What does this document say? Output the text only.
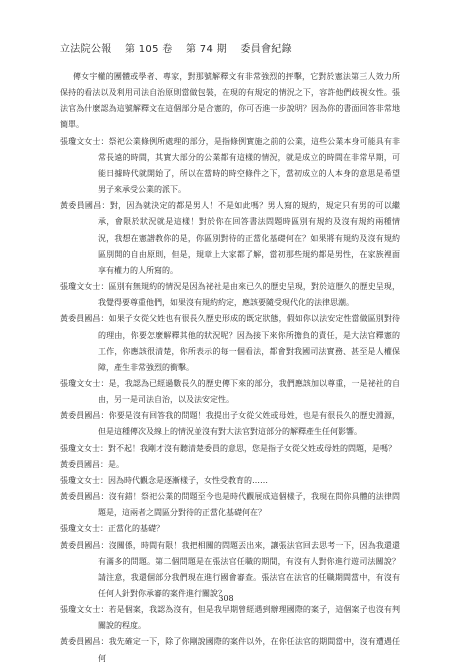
立法院公報 第 105 卷 第 74 期 委員會紀錄

傳女宇權的團體或學者、專家，對那號解釋文有非常強烈的抨擊，它對於憲法第三人效力所保持的看法以及利用司法自治原則當做包裝，在現的有規定的情況之下，容許他們歧視女性。張法官為什麼認為這號解釋文在這個部分是合憲的，你可否進一步說明？因為你的書面回答非常地簡單。

張瓊文女士：祭祀公業條例所處理的部分，是指條例實施之前的公業，這些公業本身可能具有非常長遠的時間，其實大部分的公業都有這樣的情況，就是成立的時間在非常早期，可能日據時代就開始了，所以在當時的時空條件之下，當初成立的人本身的意思是希望男子來承受公業的派下。

黃委員國昌：對，因為就決定的都是男人！不是如此嗎？男人寫的規約，規定只有男的可以繼承，會限於狀況就是這樣！對於你在回答書法問題時區別有規約及沒有規約兩種情況，我想在憲譜教你的是，你區別對待的正當化基礎何在？如果將有規約及沒有規約區別開的自由原則，但是，規章上大家都了解，當初那些規約都是男性，在家族裡面享有權力的人所寫的。

張瓊文女士：區別有無規約的情況是因為祕社是由來已久的歷史呈現，對於這歷久的歷史呈現，我覺得要尊重他們，如果沒有規約約定，應該要隨受現代化的法律思潮。

黃委員國昌：如果子女從父姓也有很長久歷史形成的既定狀態，假如你以法安定性當做區別對待的理由，你要怎麼解釋其他的狀況呢？因為接下來你所擔負的責任，是大法官釋憲的工作，你應該很清楚，你所表示的每一個看法，都會對我國司法實務、甚至是人權保障，產生非常強烈的衝擊。

張瓊文女士：是，我認為已經過數長久的歷史傳下來的部分，我們應該加以尊重，一是祕社的自由，另一是司法自治，以及法安定性。

黃委員國昌：你要是沒有回答我的問題！我提出子女從父姓或母姓，也是有很長久的歷史淵源，但是這種傳次及線上的情況並沒有對大法官對這部分的解釋產生任何影響。

張瓊文女士：對不起！我剛才沒有聽清楚委員的意思，您是指子女從父姓或母姓的問題，是嗎？

黃委員國昌：是。

張瓊文女士：因為時代觀念是逐漸樣子，女性受教育的……

黃委員國昌：沒有錯！祭祀公業的問題至今也是時代觀展成這個樣子，我現在問你具體的法律問題是，這兩者之間區分對待的正當化基礎何在？

張瓊文女士：正當化的基礎？

黃委員國昌：沒關係，時間有限！我把相關的問題丟出來，讓張法官回去思考一下，因為我還還有滿多的問題。第二個問題是在張法官任職的期間，有沒有人對你進行遊司法關說？請注意，我還個部分我們現在進行國會審查。張法官在法官的任職期間當中，有沒有任何人針對你承審的案件進行關說？

張瓊文女士：若是個案，我認為沒有，但是我早期曾經遇到辦理國際的案子，這個案子也沒有判關說的程度。

黃委員國昌：我先確定一下，除了你剛說國際的案件以外，在你任法官的期間當中，沒有遭遇任何

308
